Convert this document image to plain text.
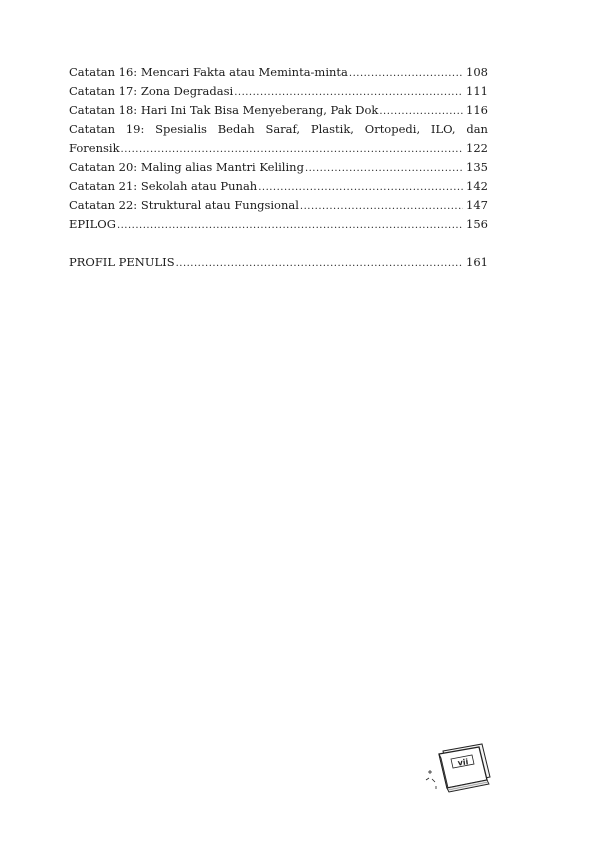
Catatan 16: Mencari Fakta atau Meminta-minta .....	108
Catatan 17: Zona Degradasi .....	111
Catatan 18: Hari Ini Tak Bisa Menyeberang, Pak Dok .....	116
Catatan 19: Spesialis Bedah Saraf, Plastik, Ortopedi, ILO, dan
Forensik .....	122
Catatan 20: Maling alias Mantri Keliling .....	135
Catatan 21: Sekolah atau Punah .....	142
Catatan 22: Struktural atau Fungsional .....	147
EPILOG .....	156
PROFIL PENULIS .....	161
vii
